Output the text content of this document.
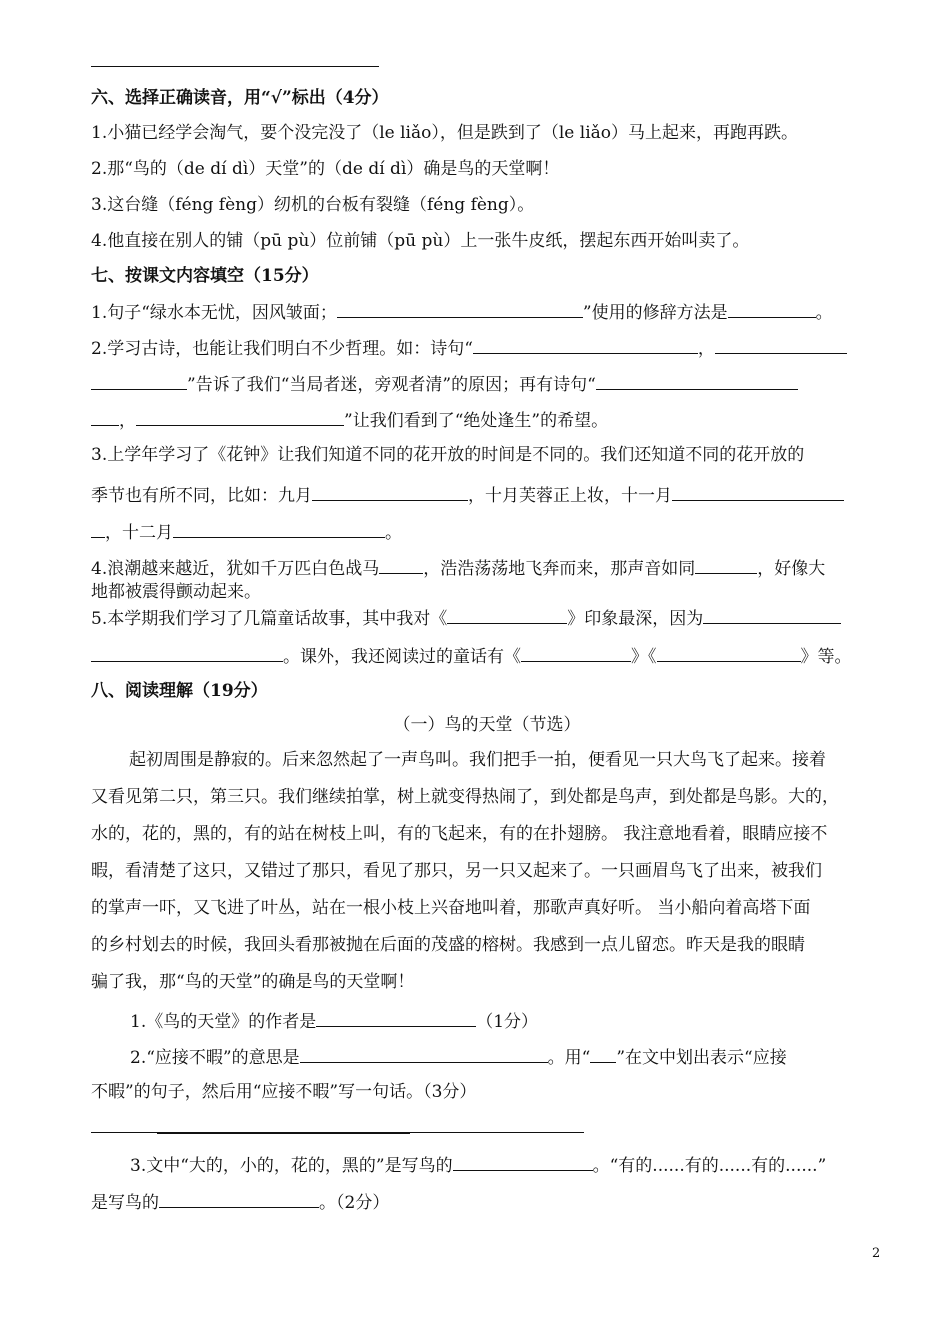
六、选择正确读音，用“√”标出（4分）
1.小猫已经学会淘气，要个没完没了（le liǎo），但是跌到了（le liǎo）马上起来，再跑再跌。
2.那“鸟的（de dí dì）天堂”的（de dí dì）确是鸟的天堂啊！
3.这台缝（féng fèng）纫机的台板有裂缝（féng fèng）。
4.他直接在别人的铺（pū pù）位前铺（pū pù）上一张牛皮纸，摆起东西开始叫卖了。
七、按课文内容填空（15分）
1.句子“绿水本无忧，因风皱面；	”使用的修辞方法是	。
2.学习古诗，也能让我们明白不少哲理。如：诗句“	，
”告诉了我们“当局者迷，旁观者清”的原因；再有诗句“
，	”让我们看到了“绝处逢生”的希望。
3.上学年学习了《花钟》让我们知道不同的花开放的时间是不同的。我们还知道不同的花开放的
季节也有所不同，比如：九月	，十月芙蓉正上妆，十一月
，十二月	。
4.浪潮越来越近，犹如千万匹白色战马	，浩浩荡荡地飞奔而来，那声音如同	，好像大
地都被震得颤动起来。
5.本学期我们学习了几篇童话故事，其中我对《	》印象最深，因为
。课外，我还阅读过的童话有《	》《	》等。
八、阅读理解（19分）
（一）鸟的天堂（节选）
起初周围是静寂的。后来忽然起了一声鸟叫。我们把手一拍，便看见一只大鸟飞了起来。接着
又看见第二只，第三只。我们继续拍掌，树上就变得热闹了，到处都是鸟声，到处都是鸟影。大的，
水的，花的，黑的，有的站在树枝上叫，有的飞起来，有的在扑翅膀。 我注意地看着，眼睛应接不
暇，看清楚了这只，又错过了那只，看见了那只，另一只又起来了。一只画眉鸟飞了出来，被我们
的掌声一吓，又飞进了叶丛，站在一根小枝上兴奋地叫着，那歌声真好听。 当小船向着高塔下面
的乡村划去的时候，我回头看那被抛在后面的茂盛的榕树。我感到一点儿留恋。昨天是我的眼睛
骗了我，那“鸟的天堂”的确是鸟的天堂啊！
1.《鸟的天堂》的作者是	（1分）
2.“应接不暇”的意思是	。用“ ”在文中划出表示“应接
不暇”的句子，然后用“应接不暇”写一句话。（3分）
3.文中“大的，小的，花的，黑的”是写鸟的	。“有的......有的......有的......”
是写鸟的	。（2分）
2
